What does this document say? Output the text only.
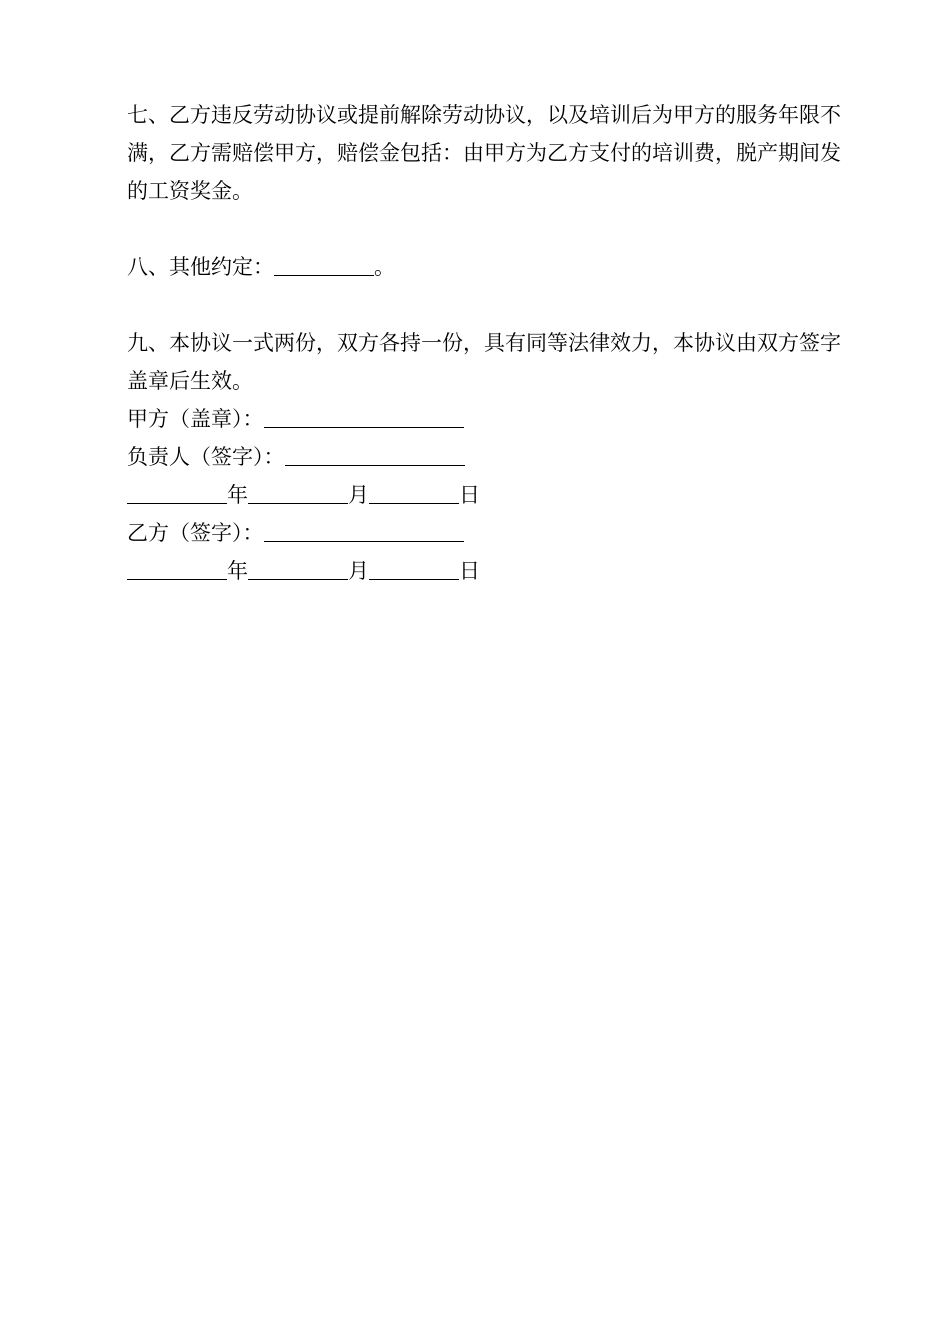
七、乙方违反劳动协议或提前解除劳动协议，以及培训后为甲方的服务年限不满，乙方需赔偿甲方，赔偿金包括：由甲方为乙方支付的培训费，脱产期间发的工资奖金。

八、其他约定：	。

九、本协议一式两份，双方各持一份，具有同等法律效力，本协议由双方签字盖章后生效。

甲方（盖章）：

负责人（签字）：

年	月	日

乙方（签字）：

年	月	日
